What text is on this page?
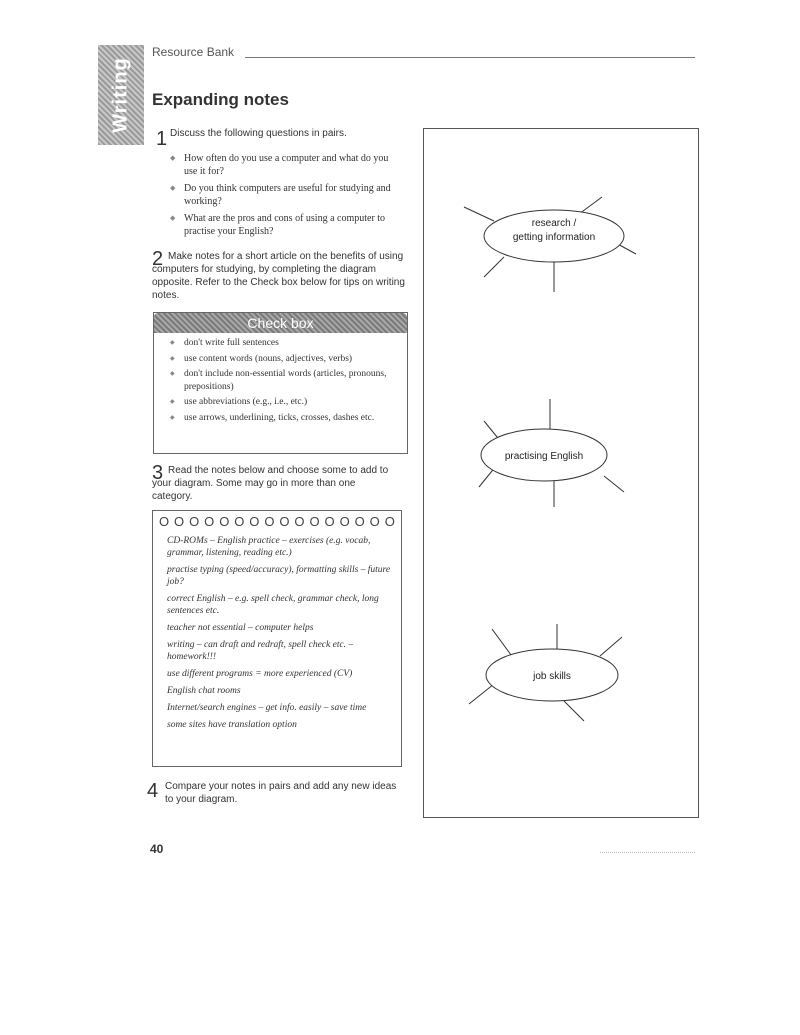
Writing
Resource Bank
Expanding notes
1 Discuss the following questions in pairs.
◆ How often do you use a computer and what do you use it for?
◆ Do you think computers are useful for studying and working?
◆ What are the pros and cons of using a computer to practise your English?
2 Make notes for a short article on the benefits of using computers for studying, by completing the diagram opposite. Refer to the Check box below for tips on writing notes.
Check box
◆ don't write full sentences
◆ use content words (nouns, adjectives, verbs)
◆ don't include non-essential words (articles, pronouns, prepositions)
◆ use abbreviations (e.g., i.e., etc.)
◆ use arrows, underlining, ticks, crosses, dashes etc.
3 Read the notes below and choose some to add to your diagram. Some may go in more than one category.
O O O O O O O O O O O O O O O O
CD-ROMs – English practice – exercises (e.g. vocab, grammar, listening, reading etc.)
practise typing (speed/accuracy), formatting skills – future job?
correct English – e.g. spell check, grammar check, long sentences etc.
teacher not essential – computer helps
writing – can draft and redraft, spell check etc. – homework!!!
use different programs = more experienced (CV)
English chat rooms
Internet/search engines – get info. easily – save time
some sites have translation option
4 Compare your notes in pairs and add any new ideas to your diagram.
research / getting information
practising English
job skills
40
